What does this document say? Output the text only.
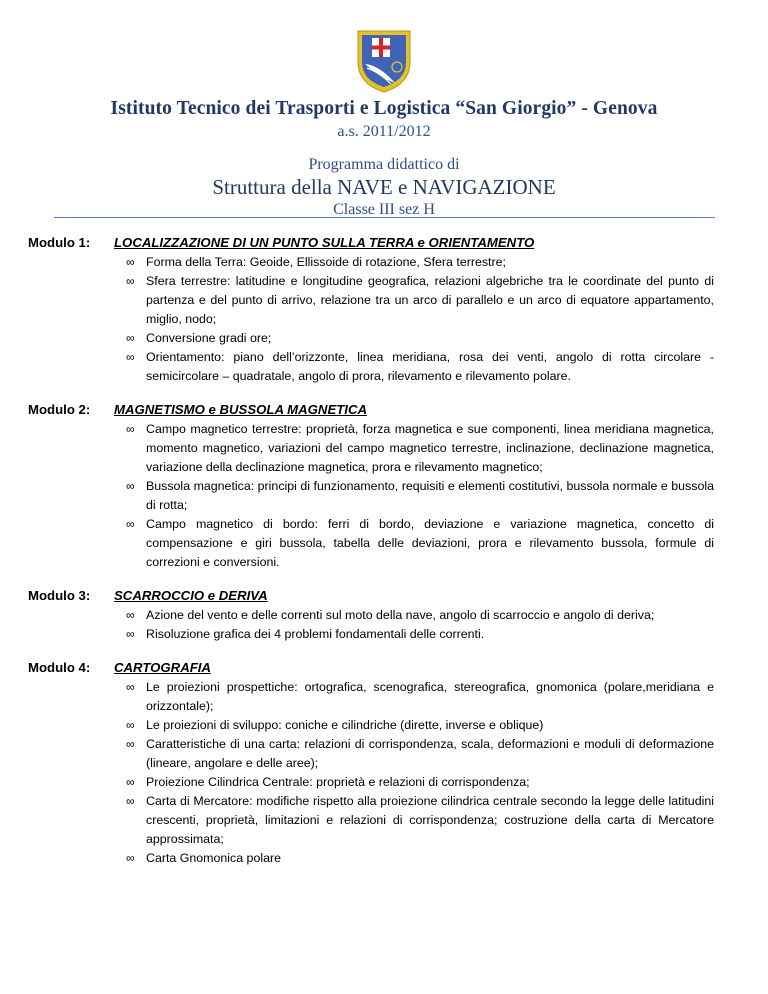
Istituto Tecnico dei Trasporti e Logistica “San Giorgio” - Genova
a.s. 2011/2012
Programma didattico di
Struttura della NAVE e NAVIGAZIONE
Classe III sez H
Modulo 1: LOCALIZZAZIONE DI UN PUNTO SULLA TERRA e ORIENTAMENTO
∞ Forma della Terra: Geoide, Ellissoide di rotazione, Sfera terrestre;
∞ Sfera terrestre: latitudine e longitudine geografica, relazioni algebriche tra le coordinate del punto di partenza e del punto di arrivo, relazione tra un arco di parallelo e un arco di equatore appartamento, miglio, nodo;
∞ Conversione gradi ore;
∞ Orientamento: piano dell’orizzonte, linea meridiana, rosa dei venti, angolo di rotta circolare - semicircolare – quadratale, angolo di prora, rilevamento e rilevamento polare.
Modulo 2: MAGNETISMO e BUSSOLA MAGNETICA
∞ Campo magnetico terrestre: proprietà, forza magnetica e sue componenti, linea meridiana magnetica, momento magnetico, variazioni del campo magnetico terrestre, inclinazione, declinazione magnetica, variazione della declinazione magnetica, prora e rilevamento magnetico;
∞ Bussola magnetica: principi di funzionamento, requisiti e elementi costitutivi, bussola normale e bussola di rotta;
∞ Campo magnetico di bordo: ferri di bordo, deviazione e variazione magnetica, concetto di compensazione e giri bussola, tabella delle deviazioni, prora e rilevamento bussola, formule di correzioni e conversioni.
Modulo 3: SCARROCCIO e DERIVA
∞ Azione del vento e delle correnti sul moto della nave, angolo di scarroccio e angolo di deriva;
∞ Risoluzione grafica dei 4 problemi fondamentali delle correnti.
Modulo 4: CARTOGRAFIA
∞ Le proiezioni prospettiche: ortografica, scenografica, stereografica, gnomonica (polare,meridiana e orizzontale);
∞ Le proiezioni di sviluppo: coniche e cilindriche (dirette, inverse e oblique)
∞ Caratteristiche di una carta: relazioni di corrispondenza, scala, deformazioni e moduli di deformazione (lineare, angolare e delle aree);
∞ Proiezione Cilindrica Centrale: proprietà e relazioni di corrispondenza;
∞ Carta di Mercatore: modifiche rispetto alla proiezione cilindrica centrale secondo la legge delle latitudini crescenti, proprietà, limitazioni e relazioni di corrispondenza; costruzione della carta di Mercatore approssimata;
∞ Carta Gnomonica polare
